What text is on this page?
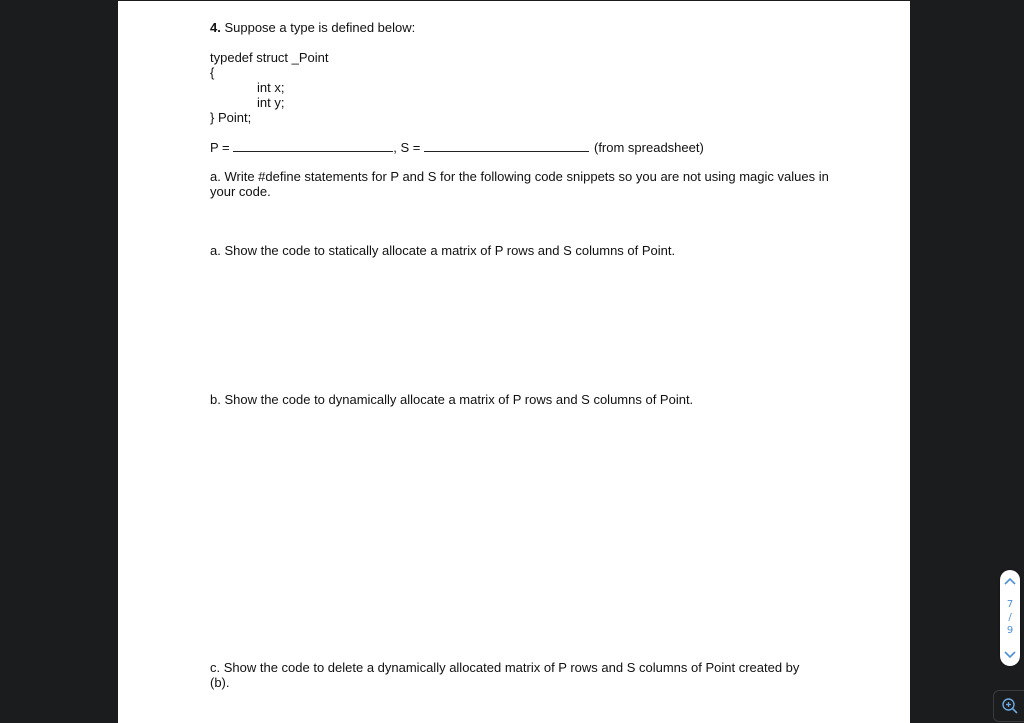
4. Suppose a type is defined below:
typedef struct _Point
{
int x;
int y;
} Point;
P =	, S =	(from spreadsheet)
a. Write #define statements for P and S for the following code snippets so you are not using magic values in your code.
a. Show the code to statically allocate a matrix of P rows and S columns of Point.
b. Show the code to dynamically allocate a matrix of P rows and S columns of Point.
c. Show the code to delete a dynamically allocated matrix of P rows and S columns of Point created by (b).
7
/
9
